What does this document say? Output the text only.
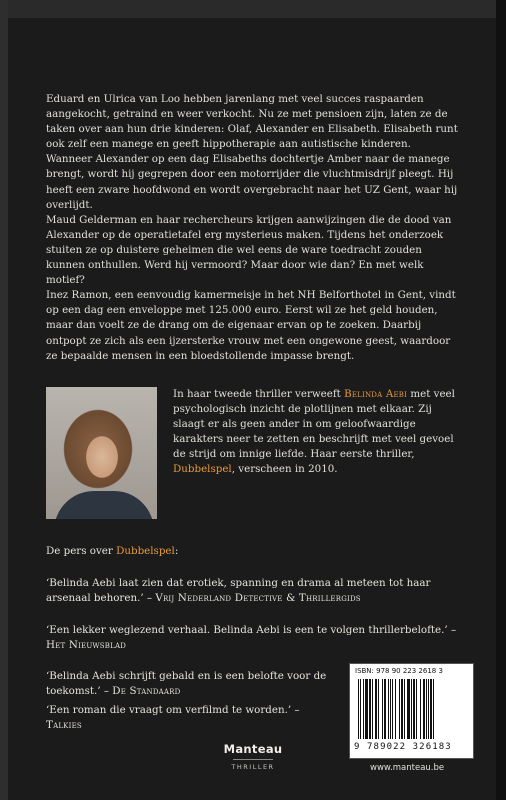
Eduard en Ulrica van Loo hebben jarenlang met veel succes raspaarden aangekocht, getraind en weer verkocht. Nu ze met pensioen zijn, laten ze de taken over aan hun drie kinderen: Olaf, Alexander en Elisabeth. Elisabeth runt ook zelf een manege en geeft hippotherapie aan autistische kinderen.

Wanneer Alexander op een dag Elisabeths dochtertje Amber naar de manege brengt, wordt hij gegrepen door een motorrijder die vluchtmisdrijf pleegt. Hij heeft een zware hoofdwond en wordt overgebracht naar het UZ Gent, waar hij overlijdt.

Maud Gelderman en haar rechercheurs krijgen aanwijzingen die de dood van Alexander op de operatietafel erg mysterieus maken. Tijdens het onderzoek stuiten ze op duistere geheimen die wel eens de ware toedracht zouden kunnen onthullen. Werd hij vermoord? Maar door wie dan? En met welk motief?

Inez Ramon, een eenvoudig kamermeisje in het NH Belforthotel in Gent, vindt op een dag een enveloppe met 125.000 euro. Eerst wil ze het geld houden, maar dan voelt ze de drang om de eigenaar ervan op te zoeken. Daarbij ontpopt ze zich als een ijzersterke vrouw met een ongewone geest, waardoor ze bepaalde mensen in een bloedstollende impasse brengt.

In haar tweede thriller verweeft Belinda Aebi met veel psychologisch inzicht de plotlijnen met elkaar. Zij slaagt er als geen ander in om geloofwaardige karakters neer te zetten en beschrijft met veel gevoel de strijd om innige liefde. Haar eerste thriller, Dubbelspel, verscheen in 2010.

De pers over Dubbelspel:

‘Belinda Aebi laat zien dat erotiek, spanning en drama al meteen tot haar arsenaal behoren.’ – Vrij Nederland Detective & Thrillergids

‘Een lekker weglezend verhaal. Belinda Aebi is een te volgen thrillerbelofte.’ – Het Nieuwsblad

‘Belinda Aebi schrijft gebald en is een belofte voor de toekomst.’ – De Standaard

‘Een roman die vraagt om verfilmd te worden.’ – Talkies

ISBN: 978 90 223 2618 3
9 789022 326183
Manteau
THRILLER	www.manteau.be
